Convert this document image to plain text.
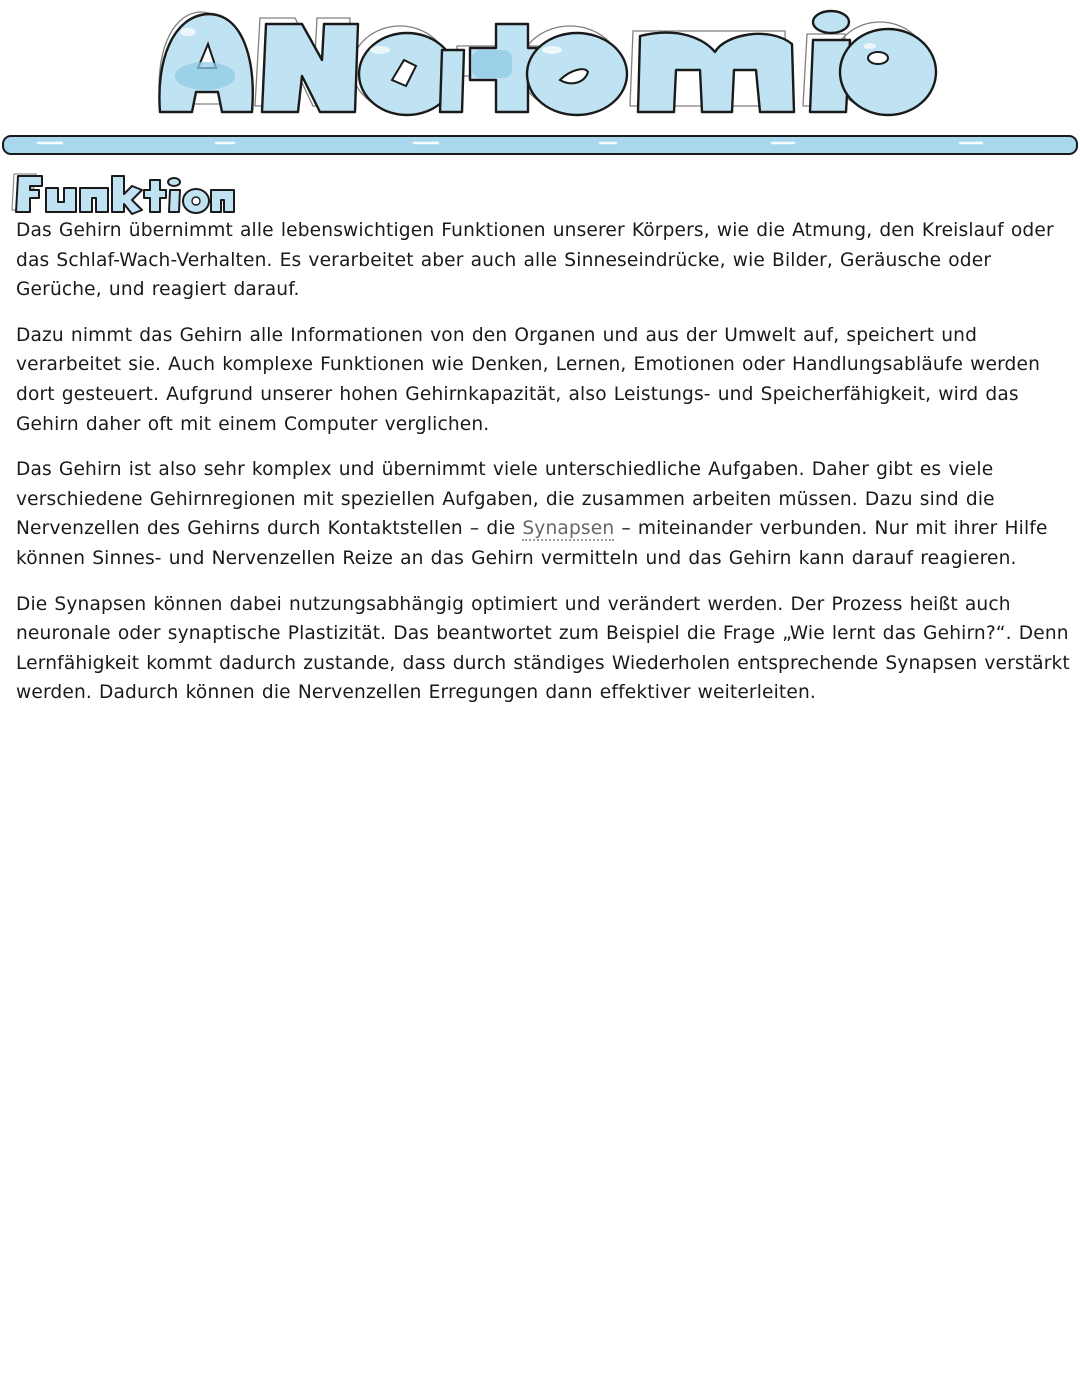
Das Gehirn übernimmt alle lebenswichtigen Funktionen unserer Körpers, wie die Atmung, den Kreislauf oder das Schlaf-Wach-Verhalten. Es verarbeitet aber auch alle Sinneseindrücke, wie Bilder, Geräusche oder Gerüche, und reagiert darauf.

Dazu nimmt das Gehirn alle Informationen von den Organen und aus der Umwelt auf, speichert und verarbeitet sie. Auch komplexe Funktionen wie Denken, Lernen, Emotionen oder Handlungsabläufe werden dort gesteuert. Aufgrund unserer hohen Gehirnkapazität, also Leistungs- und Speicherfähigkeit, wird das Gehirn daher oft mit einem Computer verglichen.

Das Gehirn ist also sehr komplex und übernimmt viele unterschiedliche Aufgaben. Daher gibt es viele verschiedene Gehirnregionen mit speziellen Aufgaben, die zusammen arbeiten müssen. Dazu sind die Nervenzellen des Gehirns durch Kontaktstellen – die Synapsen – miteinander verbunden. Nur mit ihrer Hilfe können Sinnes- und Nervenzellen Reize an das Gehirn vermitteln und das Gehirn kann darauf reagieren.

Die Synapsen können dabei nutzungsabhängig optimiert und verändert werden. Der Prozess heißt auch neuronale oder synaptische Plastizität. Das beantwortet zum Beispiel die Frage „Wie lernt das Gehirn?“. Denn Lernfähigkeit kommt dadurch zustande, dass durch ständiges Wiederholen entsprechende Synapsen verstärkt werden. Dadurch können die Nervenzellen Erregungen dann effektiver weiterleiten.
